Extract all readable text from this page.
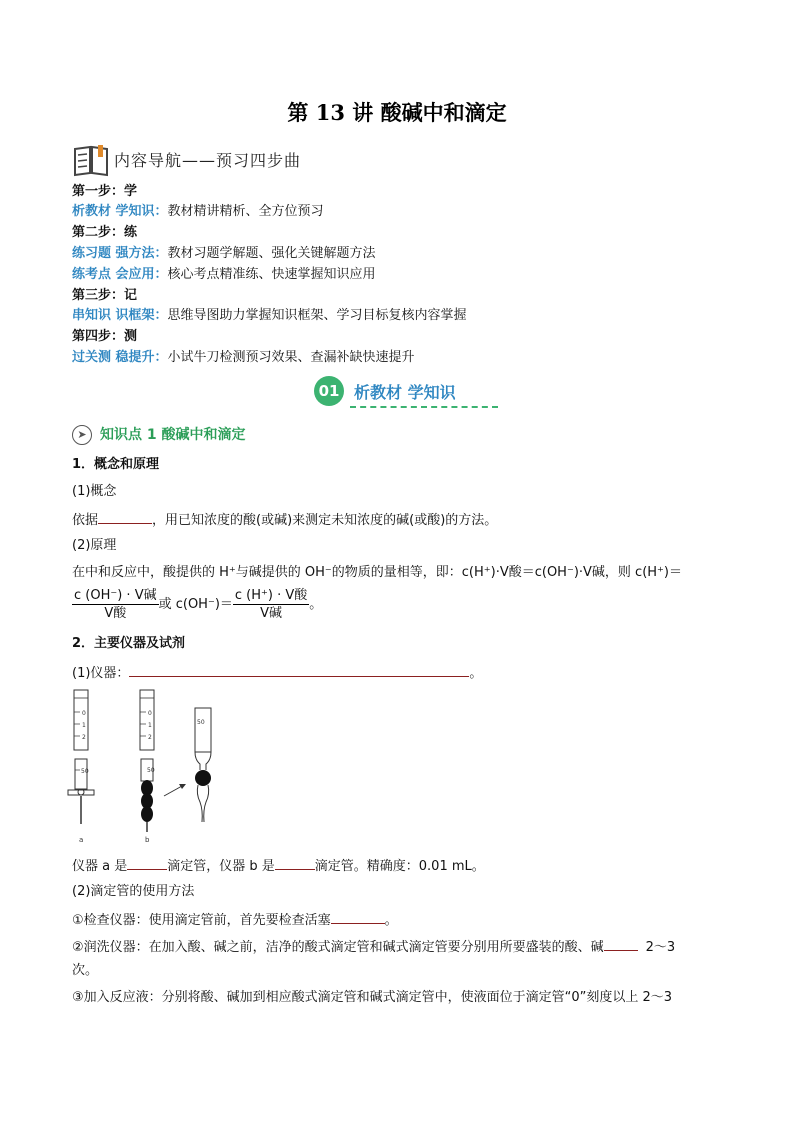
第 13 讲 酸碱中和滴定
内容导航——预习四步曲
第一步：学
析教材 学知识：教材精讲精析、全方位预习
第二步：练
练习题 强方法：教材习题学解题、强化关键解题方法
练考点 会应用：核心考点精准练、快速掌握知识应用
第三步：记
串知识 识框架：思维导图助力掌握知识框架、学习目标复核内容掌握
第四步：测
过关测 稳提升：小试牛刀检测预习效果、查漏补缺快速提升
01 析教材 学知识
➤ 知识点 1 酸碱中和滴定
1．概念和原理
(1)概念
依据	，用已知浓度的酸(或碱)来测定未知浓度的碱(或酸)的方法。
(2)原理
在中和反应中，酸提供的 H⁺与碱提供的 OH⁻的物质的量相等，即：c(H⁺)·V酸＝c(OH⁻)·V碱，则 c(H⁺)＝
$\frac{\text{c (OH⁻) · V碱}}{\text{V酸}}$ 或 $c(OH^-)= \frac{\text{c (H⁺) · V酸}}{\text{V碱}}$ 。
2．主要仪器及试剂
(1)仪器：	。
0
1
2
50
a
0
1
2
50
b
50
仪器 a 是	滴定管，仪器 b 是	滴定管。精确度：0.01 mL。
(2)滴定管的使用方法
①检查仪器：使用滴定管前，首先要检查活塞	。
②润洗仪器：在加入酸、碱之前，洁净的酸式滴定管和碱式滴定管要分别用所要盛装的酸、碱	2～3
次。
③加入反应液：分别将酸、碱加到相应酸式滴定管和碱式滴定管中，使液面位于滴定管“0”刻度以上 2～3
